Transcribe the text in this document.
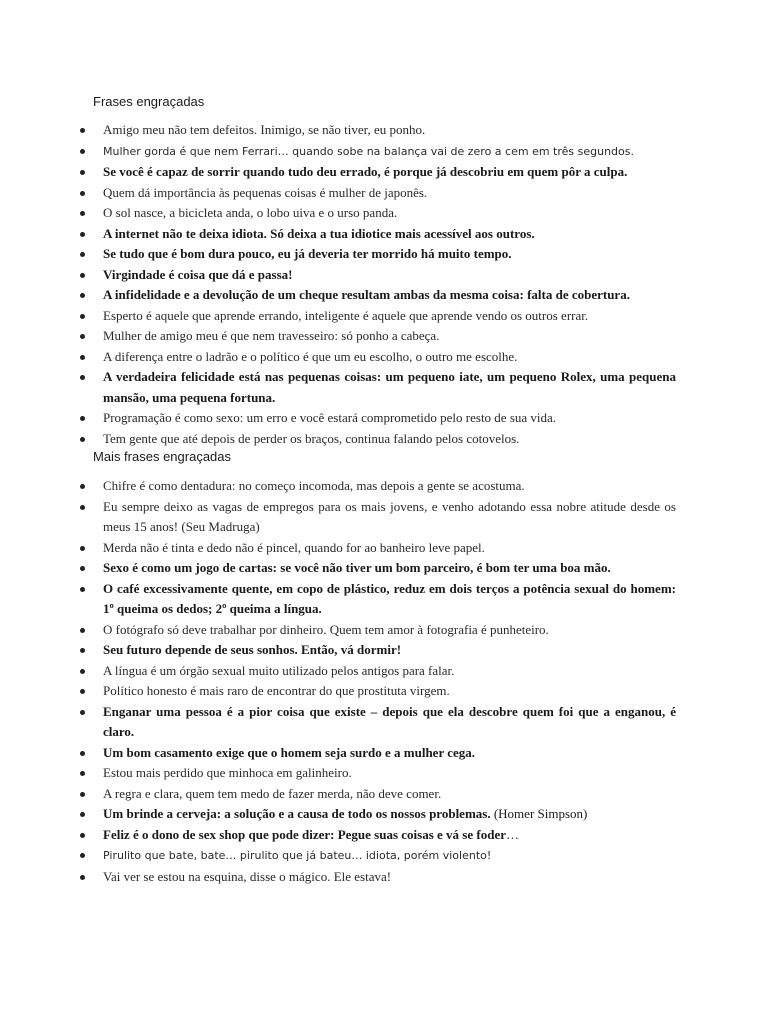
Frases engraçadas
Amigo meu não tem defeitos. Inimigo, se não tiver, eu ponho.
Mulher gorda é que nem Ferrari… quando sobe na balança vai de zero a cem em três segundos.
Se você é capaz de sorrir quando tudo deu errado, é porque já descobriu em quem pôr a culpa.
Quem dá importância às pequenas coisas é mulher de japonês.
O sol nasce, a bicicleta anda, o lobo uiva e o urso panda.
A internet não te deixa idiota. Só deixa a tua idiotice mais acessível aos outros.
Se tudo que é bom dura pouco, eu já deveria ter morrido há muito tempo.
Virgindade é coisa que dá e passa!
A infidelidade e a devolução de um cheque resultam ambas da mesma coisa: falta de cobertura.
Esperto é aquele que aprende errando, inteligente é aquele que aprende vendo os outros errar.
Mulher de amigo meu é que nem travesseiro: só ponho a cabeça.
A diferença entre o ladrão e o político é que um eu escolho, o outro me escolhe.
A verdadeira felicidade está nas pequenas coisas: um pequeno iate, um pequeno Rolex, uma pequena mansão, uma pequena fortuna.
Programação é como sexo: um erro e você estará comprometido pelo resto de sua vida.
Tem gente que até depois de perder os braços, continua falando pelos cotovelos.
Mais frases engraçadas
Chifre é como dentadura: no começo incomoda, mas depois a gente se acostuma.
Eu sempre deixo as vagas de empregos para os mais jovens, e venho adotando essa nobre atitude desde os meus 15 anos! (Seu Madruga)
Merda não é tinta e dedo não é pincel, quando for ao banheiro leve papel.
Sexo é como um jogo de cartas: se você não tiver um bom parceiro, é bom ter uma boa mão.
O café excessivamente quente, em copo de plástico, reduz em dois terços a potência sexual do homem: 1º queima os dedos; 2º queima a língua.
O fotógrafo só deve trabalhar por dinheiro. Quem tem amor à fotografia é punheteiro.
Seu futuro depende de seus sonhos. Então, vá dormir!
A língua é um órgão sexual muito utilizado pelos antigos para falar.
Político honesto é mais raro de encontrar do que prostituta virgem.
Enganar uma pessoa é a pior coisa que existe – depois que ela descobre quem foi que a enganou, é claro.
Um bom casamento exige que o homem seja surdo e a mulher cega.
Estou mais perdido que minhoca em galinheiro.
A regra e clara, quem tem medo de fazer merda, não deve comer.
Um brinde a cerveja: a solução e a causa de todo os nossos problemas. (Homer Simpson)
Feliz é o dono de sex shop que pode dizer: Pegue suas coisas e vá se foder…
Pirulito que bate, bate… pirulito que já bateu… idiota, porém violento!
Vai ver se estou na esquina, disse o mágico. Ele estava!
